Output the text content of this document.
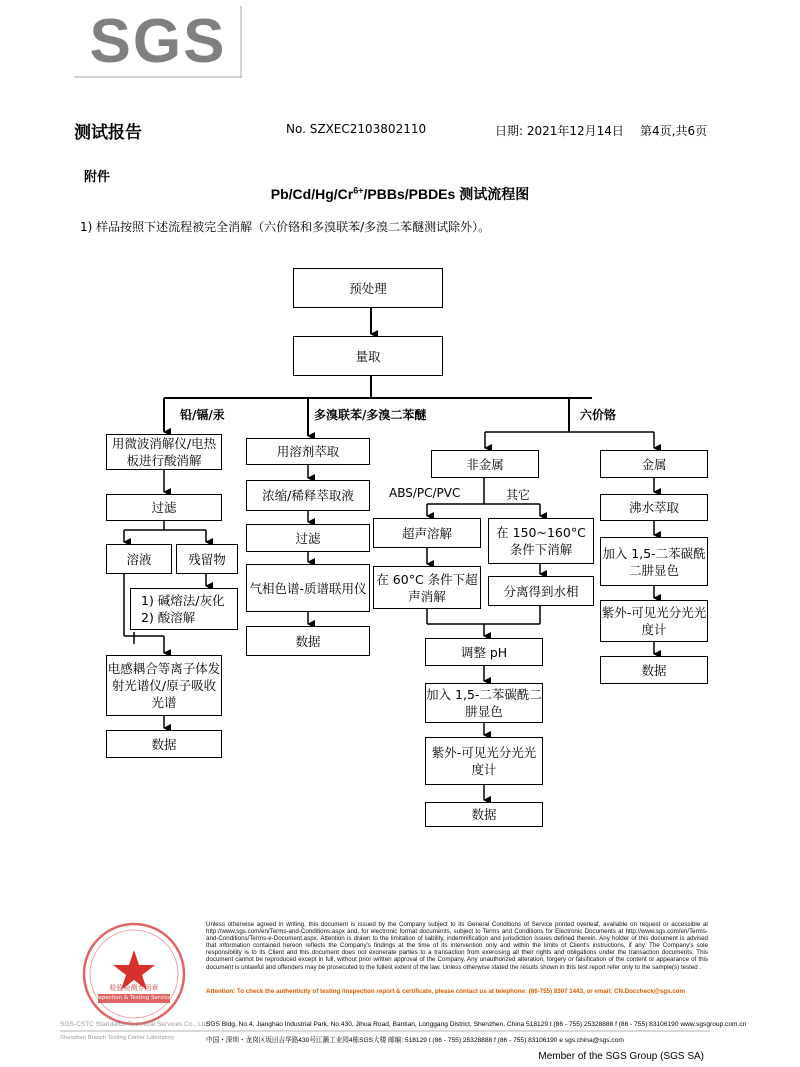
SGS
测试报告	No. SZXEC2103802110	日期: 2021年12月14日 第4页,共6页
附件
$Pb/Cd/Hg/Cr^{6+}/PBBs$/PBDEs 测试流程图
1) 样品按照下述流程被完全消解（六价铬和多溴联苯/多溴二苯醚测试除外）。
预处理
量取
铅/镉/汞	多溴联苯/多溴二苯醚	六价铬
用微波消解仪/电热板进行酸消解
过滤
溶液	残留物
1) 碱熔法/灰化
2) 酸溶解
电感耦合等离子体发射光谱仪/原子吸收光谱
数据
用溶剂萃取
浓缩/稀释萃取液
过滤
气相色谱-质谱联用仪
数据
非金属
ABS/PC/PVC	其它
超声溶解	在 150~160°C 条件下消解
在 60°C 条件下超声消解	分离得到水相
调整 pH
加入 1,5-二苯碳酰二肼显色
紫外-可见光分光光度计
数据
金属
沸水萃取
加入 1,5-二苯碳酰二肼显色
紫外-可见光分光光度计
数据
检验检测专用章
Inspection & Testing Services
Unless otherwise agreed in writing, this document is issued by the Company subject to its General Conditions of Service printed overleaf, available on request or accessible at http://www.sgs.com/en/Terms-and-Conditions.aspx and, for electronic format documents, subject to Terms and Conditions for Electronic Documents at http://www.sgs.com/en/Terms-and-Conditions/Terms-e-Document.aspx. Attention is drawn to the limitation of liability, indemnification and jurisdiction issues defined therein. Any holder of this document is advised that information contained hereon reflects the Company's findings at the time of its intervention only and within the limits of Client's instructions, if any. The Company's sole responsibility is to its Client and this document does not exonerate parties to a transaction from exercising all their rights and obligations under the transaction documents. This document cannot be reproduced except in full, without prior written approval of the Company. Any unauthorized alteration, forgery or falsification of the content or appearance of this document is unlawful and offenders may be prosecuted to the fullest extent of the law. Unless otherwise stated the results shown in this test report refer only to the sample(s) tested .
Attention: To check the authenticity of testing /inspection report & certificate, please contact us at telephone: (86-755) 8307 1443, or email: CN.Doccheck@sgs.com
SGS-CSTC Standards Technical Services Co., Ltd.
Shenzhen Branch Testing Center Laboratory
SGS Bldg, No.4, Jianghao Industrial Park, No.430, Jihua Road, Bantian, Longgang District, Shenzhen, China 518129 t (86 - 755) 25328888 f (86 - 755) 83106190 www.sgsgroup.com.cn
中国・深圳・龙岗区坂田吉华路430号江灏工业园4栋SGS大楼 邮编: 518129 t (86 - 755) 25328888 f (86 - 755) 83106190 e sgs.china@sgs.com
Member of the SGS Group (SGS SA)
